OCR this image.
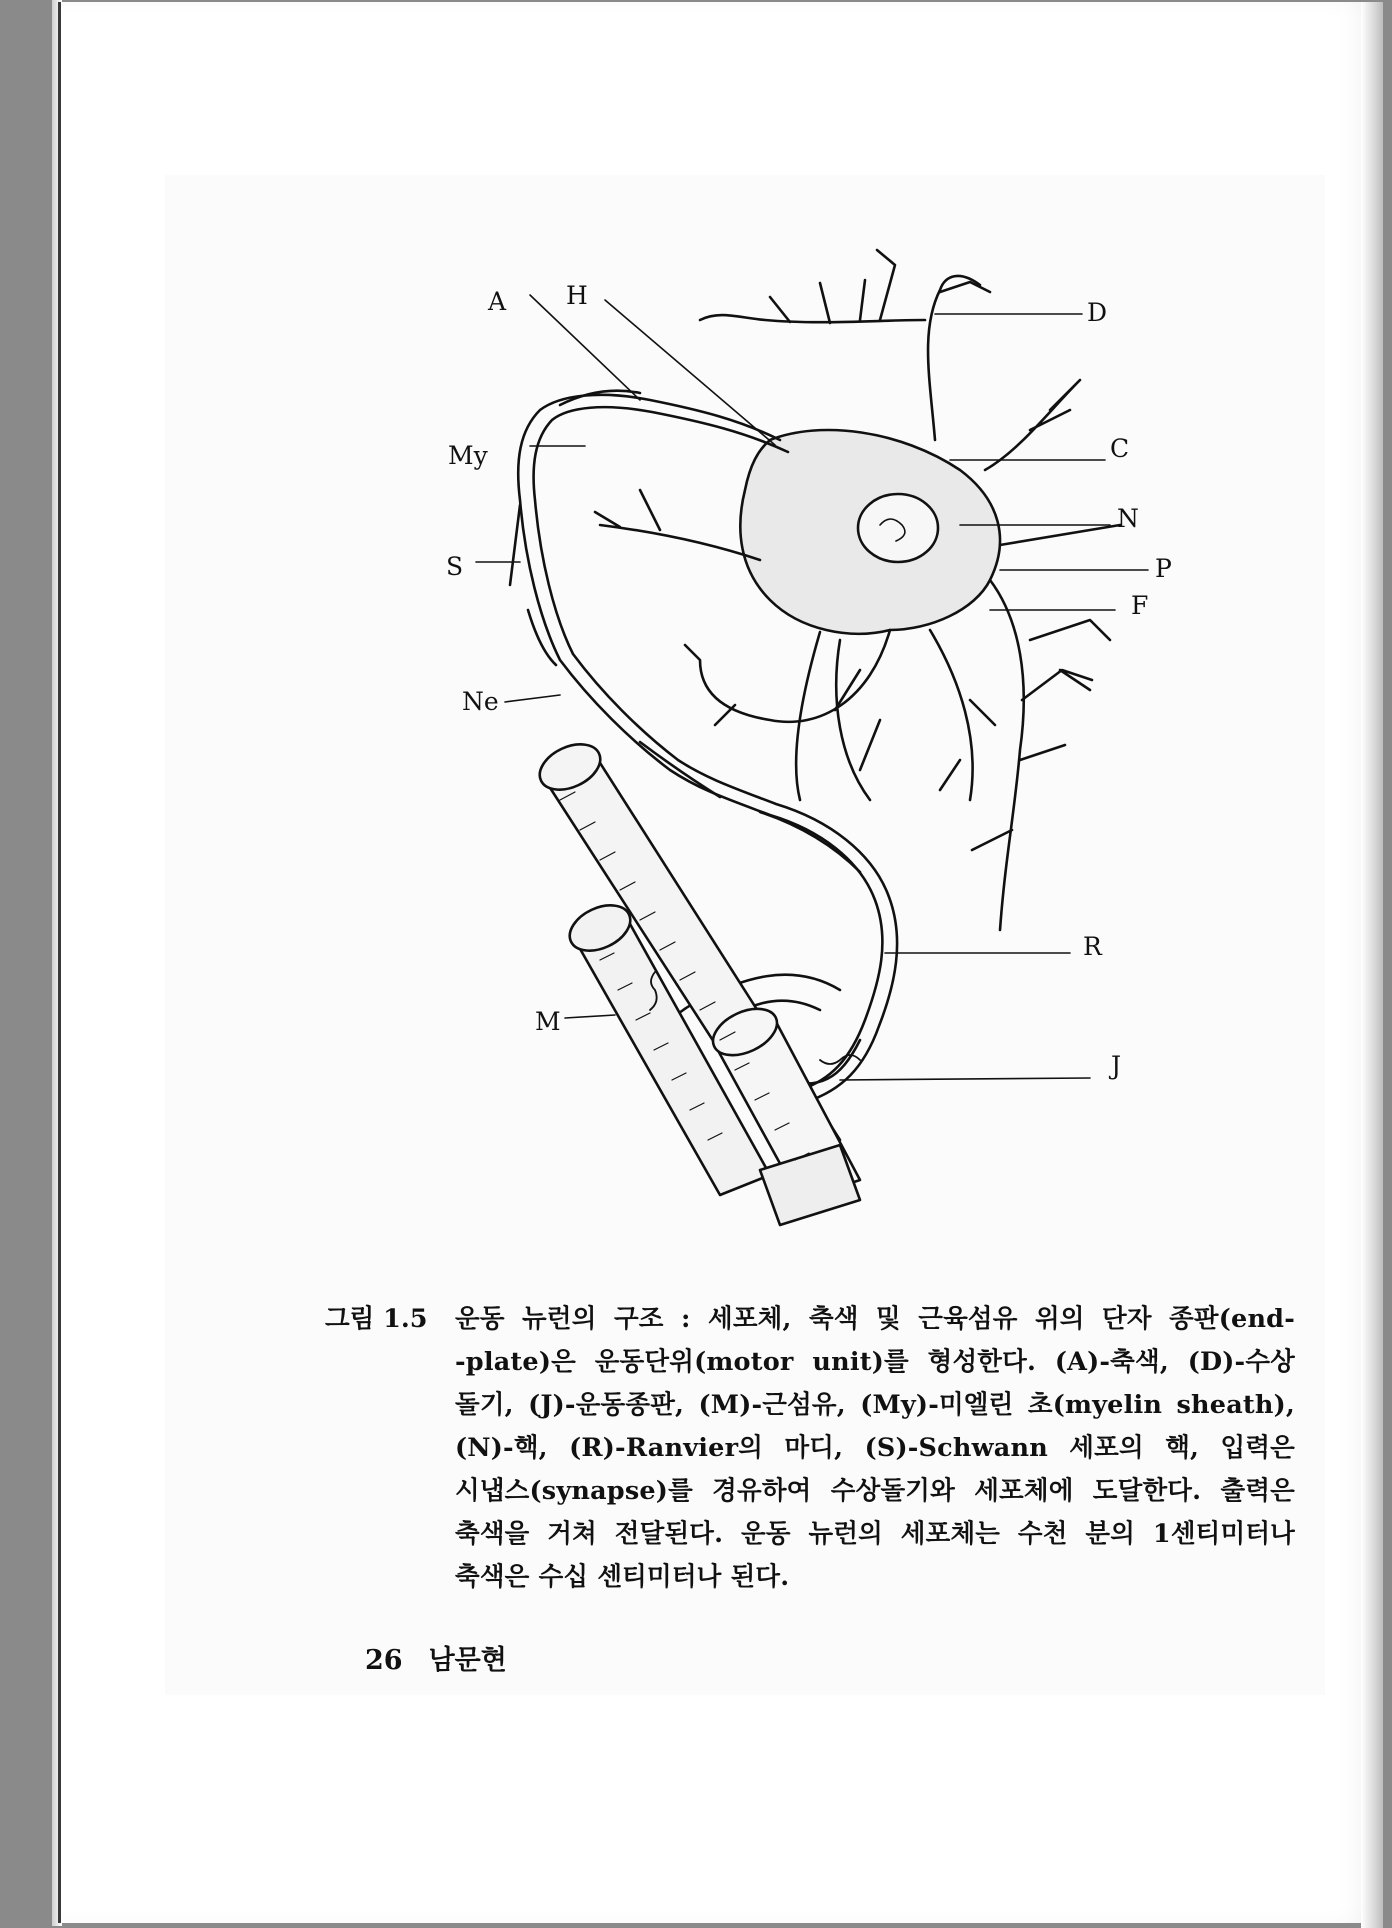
A H
D
My	C
N
S	P
F
Ne
R
M
J
그림 1.5	운동 뉴런의 구조 : 세포체, 축색 및 근육섬유 위의 단자 종판(end-
-plate)은 운동단위(motor unit)를 형성한다. (A)-축색, (D)-수상
돌기, (J)-운동종판, (M)-근섬유, (My)-미엘린 초(myelin sheath),
(N)-핵, (R)-Ranvier의 마디, (S)-Schwann 세포의 핵, 입력은
시냅스(synapse)를 경유하여 수상돌기와 세포체에 도달한다. 출력은
축색을 거쳐 전달된다. 운동 뉴런의 세포체는 수천 분의 1센티미터나
축색은 수십 센티미터나 된다.
26 남문현
